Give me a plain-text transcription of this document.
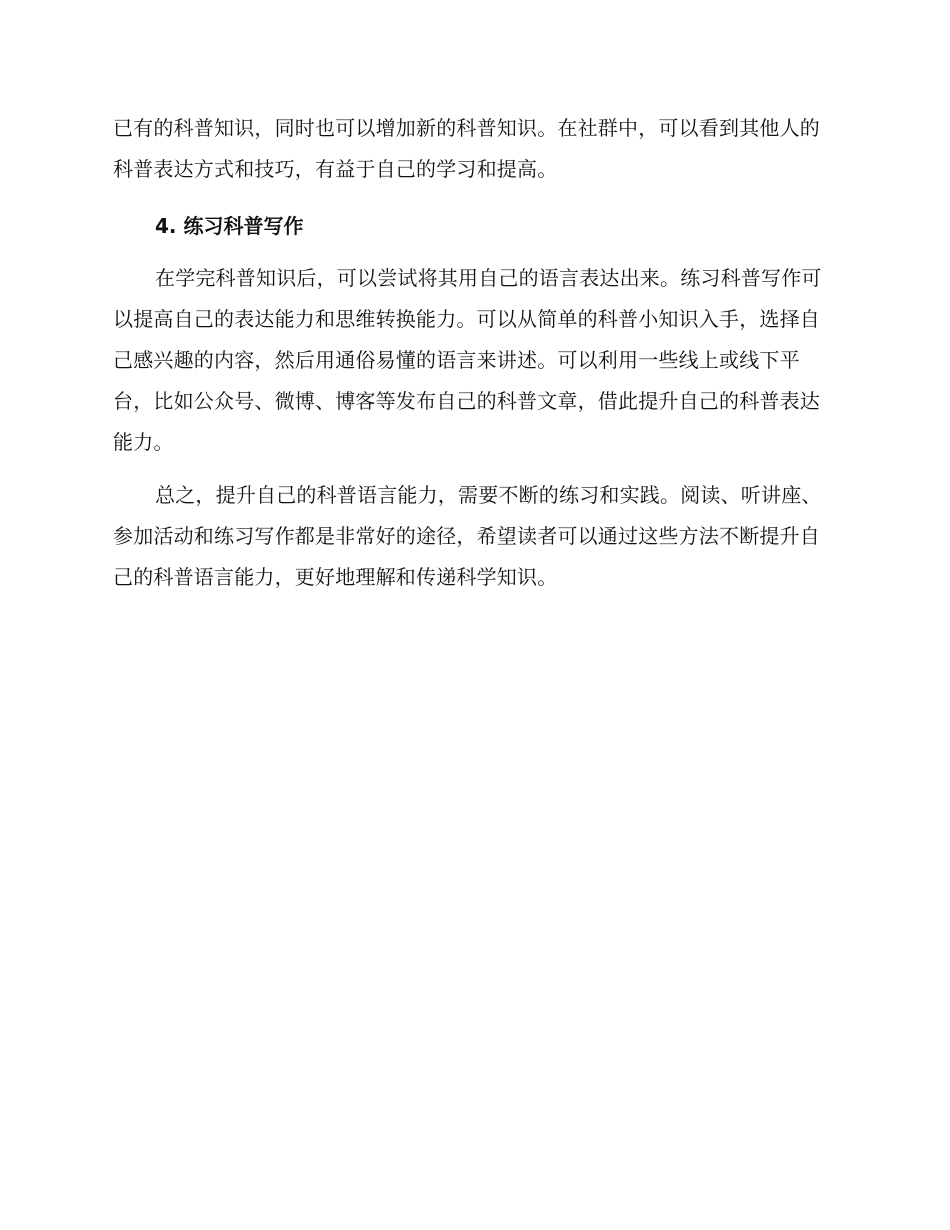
已有的科普知识，同时也可以增加新的科普知识。在社群中，可以看到其他人的科普表达方式和技巧，有益于自己的学习和提高。

4. 练习科普写作

在学完科普知识后，可以尝试将其用自己的语言表达出来。练习科普写作可以提高自己的表达能力和思维转换能力。可以从简单的科普小知识入手，选择自己感兴趣的内容，然后用通俗易懂的语言来讲述。可以利用一些线上或线下平台，比如公众号、微博、博客等发布自己的科普文章，借此提升自己的科普表达能力。

总之，提升自己的科普语言能力，需要不断的练习和实践。阅读、听讲座、参加活动和练习写作都是非常好的途径，希望读者可以通过这些方法不断提升自己的科普语言能力，更好地理解和传递科学知识。
